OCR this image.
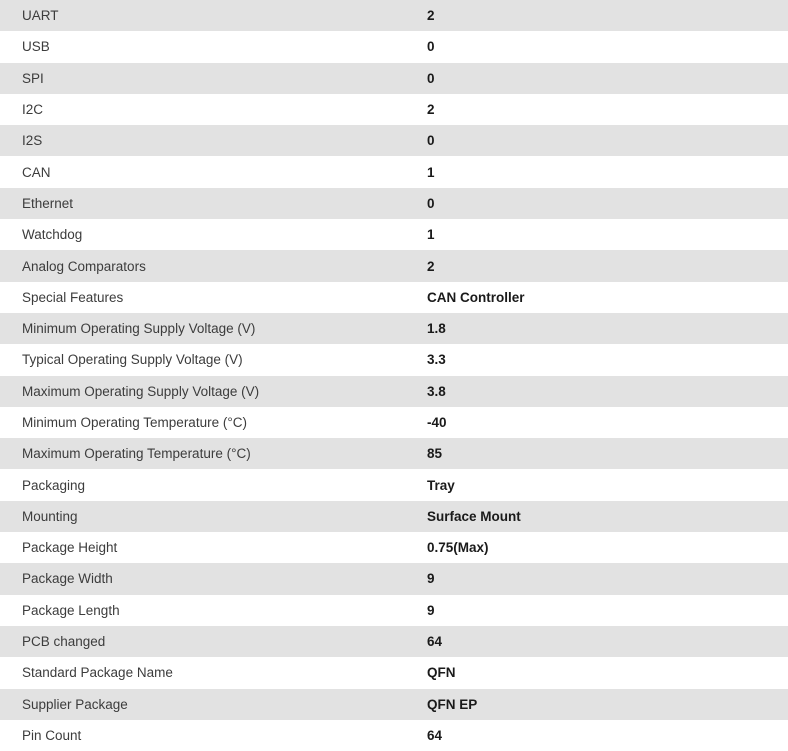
UART	2
USB	0
SPI	0
I2C	2
I2S	0
CAN	1
Ethernet	0
Watchdog	1
Analog Comparators	2
Special Features	CAN Controller
Minimum Operating Supply Voltage (V)	1.8
Typical Operating Supply Voltage (V)	3.3
Maximum Operating Supply Voltage (V)	3.8
Minimum Operating Temperature (°C)	-40
Maximum Operating Temperature (°C)	85
Packaging	Tray
Mounting	Surface Mount
Package Height	0.75(Max)
Package Width	9
Package Length	9
PCB changed	64
Standard Package Name	QFN
Supplier Package	QFN EP
Pin Count	64
